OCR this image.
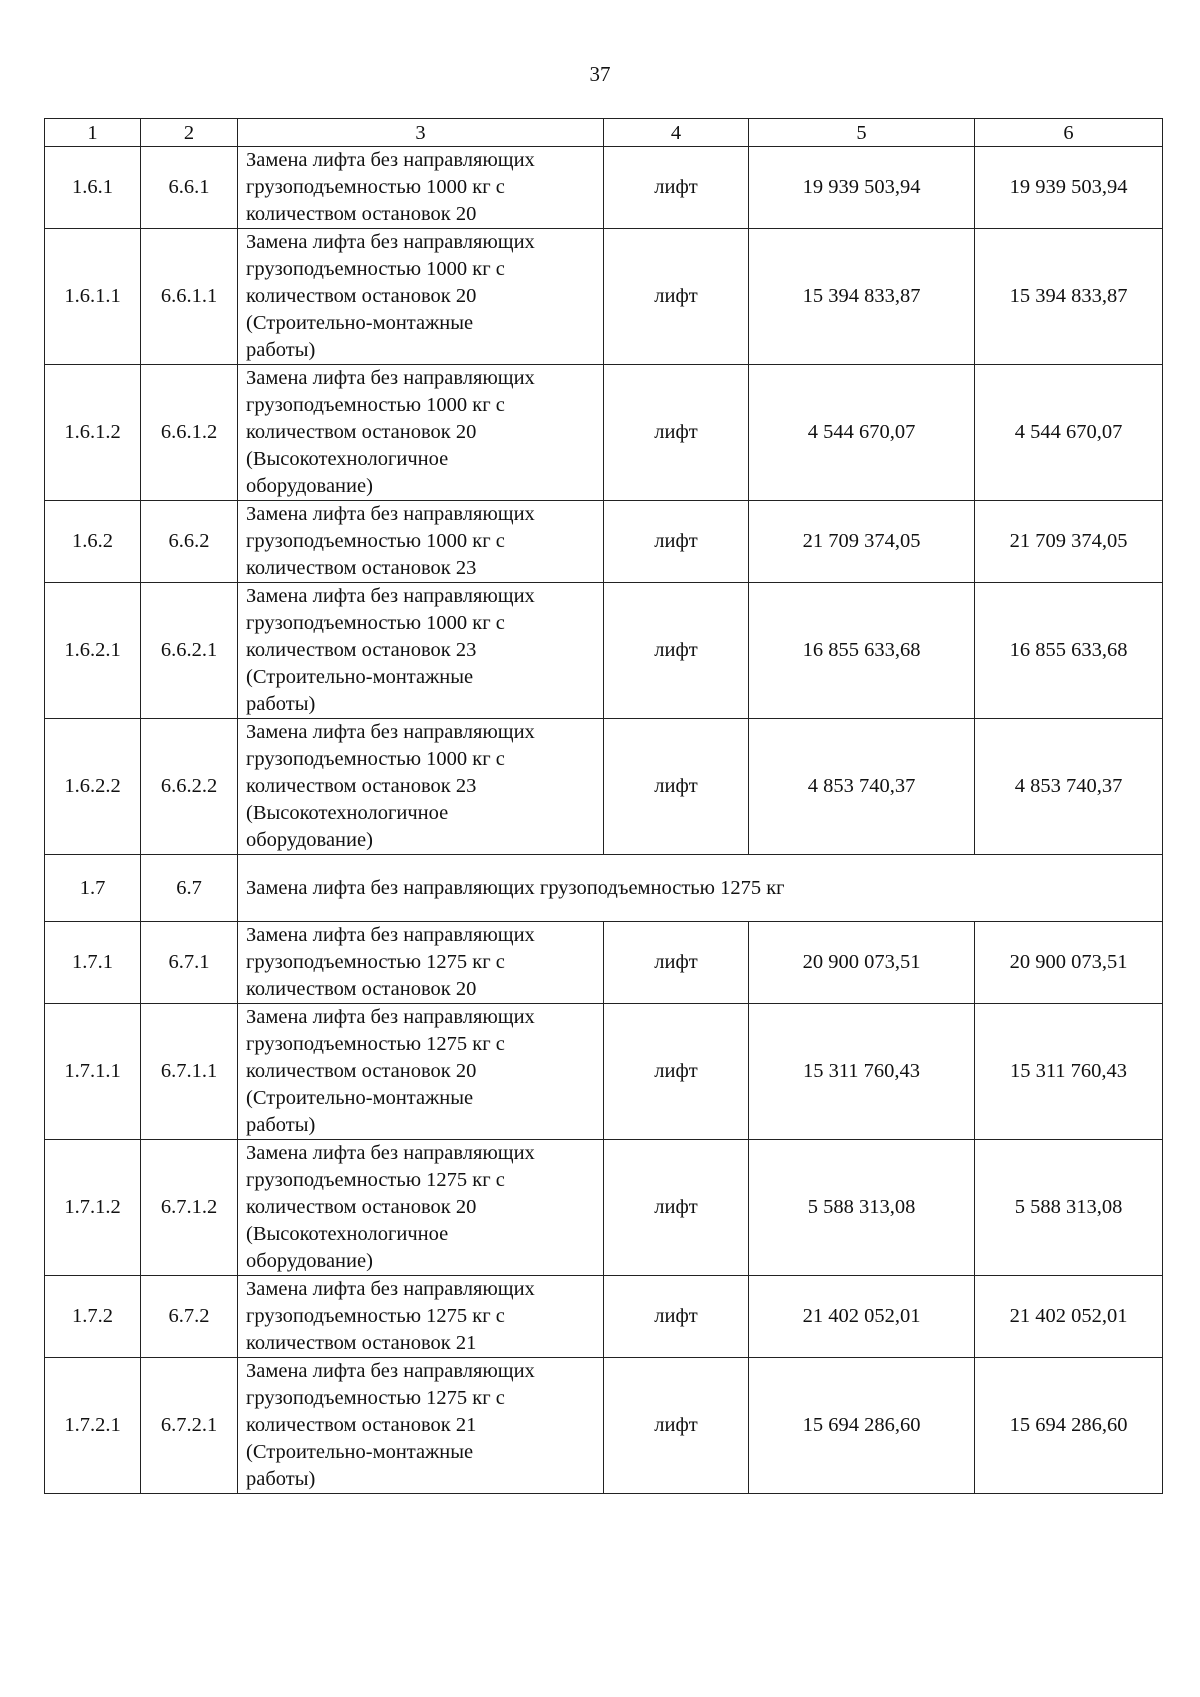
37
1	2	3	4	5	6
1.6.1	6.6.1	Замена лифта без направляющих
грузоподъемностью 1000 кг с
количеством остановок 20	лифт	19 939 503,94	19 939 503,94
1.6.1.1	6.6.1.1	Замена лифта без направляющих
грузоподъемностью 1000 кг с
количеством остановок 20
(Строительно-монтажные
работы)	лифт	15 394 833,87	15 394 833,87
1.6.1.2	6.6.1.2	Замена лифта без направляющих
грузоподъемностью 1000 кг с
количеством остановок 20
(Высокотехнологичное
оборудование)	лифт	4 544 670,07	4 544 670,07
1.6.2	6.6.2	Замена лифта без направляющих
грузоподъемностью 1000 кг с
количеством остановок 23	лифт	21 709 374,05	21 709 374,05
1.6.2.1	6.6.2.1	Замена лифта без направляющих
грузоподъемностью 1000 кг с
количеством остановок 23
(Строительно-монтажные
работы)	лифт	16 855 633,68	16 855 633,68
1.6.2.2	6.6.2.2	Замена лифта без направляющих
грузоподъемностью 1000 кг с
количеством остановок 23
(Высокотехнологичное
оборудование)	лифт	4 853 740,37	4 853 740,37
1.7	6.7	Замена лифта без направляющих грузоподъемностью 1275 кг			
1.7.1	6.7.1	Замена лифта без направляющих
грузоподъемностью 1275 кг с
количеством остановок 20	лифт	20 900 073,51	20 900 073,51
1.7.1.1	6.7.1.1	Замена лифта без направляющих
грузоподъемностью 1275 кг с
количеством остановок 20
(Строительно-монтажные
работы)	лифт	15 311 760,43	15 311 760,43
1.7.1.2	6.7.1.2	Замена лифта без направляющих
грузоподъемностью 1275 кг с
количеством остановок 20
(Высокотехнологичное
оборудование)	лифт	5 588 313,08	5 588 313,08
1.7.2	6.7.2	Замена лифта без направляющих
грузоподъемностью 1275 кг с
количеством остановок 21	лифт	21 402 052,01	21 402 052,01
1.7.2.1	6.7.2.1	Замена лифта без направляющих
грузоподъемностью 1275 кг с
количеством остановок 21
(Строительно-монтажные
работы)	лифт	15 694 286,60	15 694 286,60
